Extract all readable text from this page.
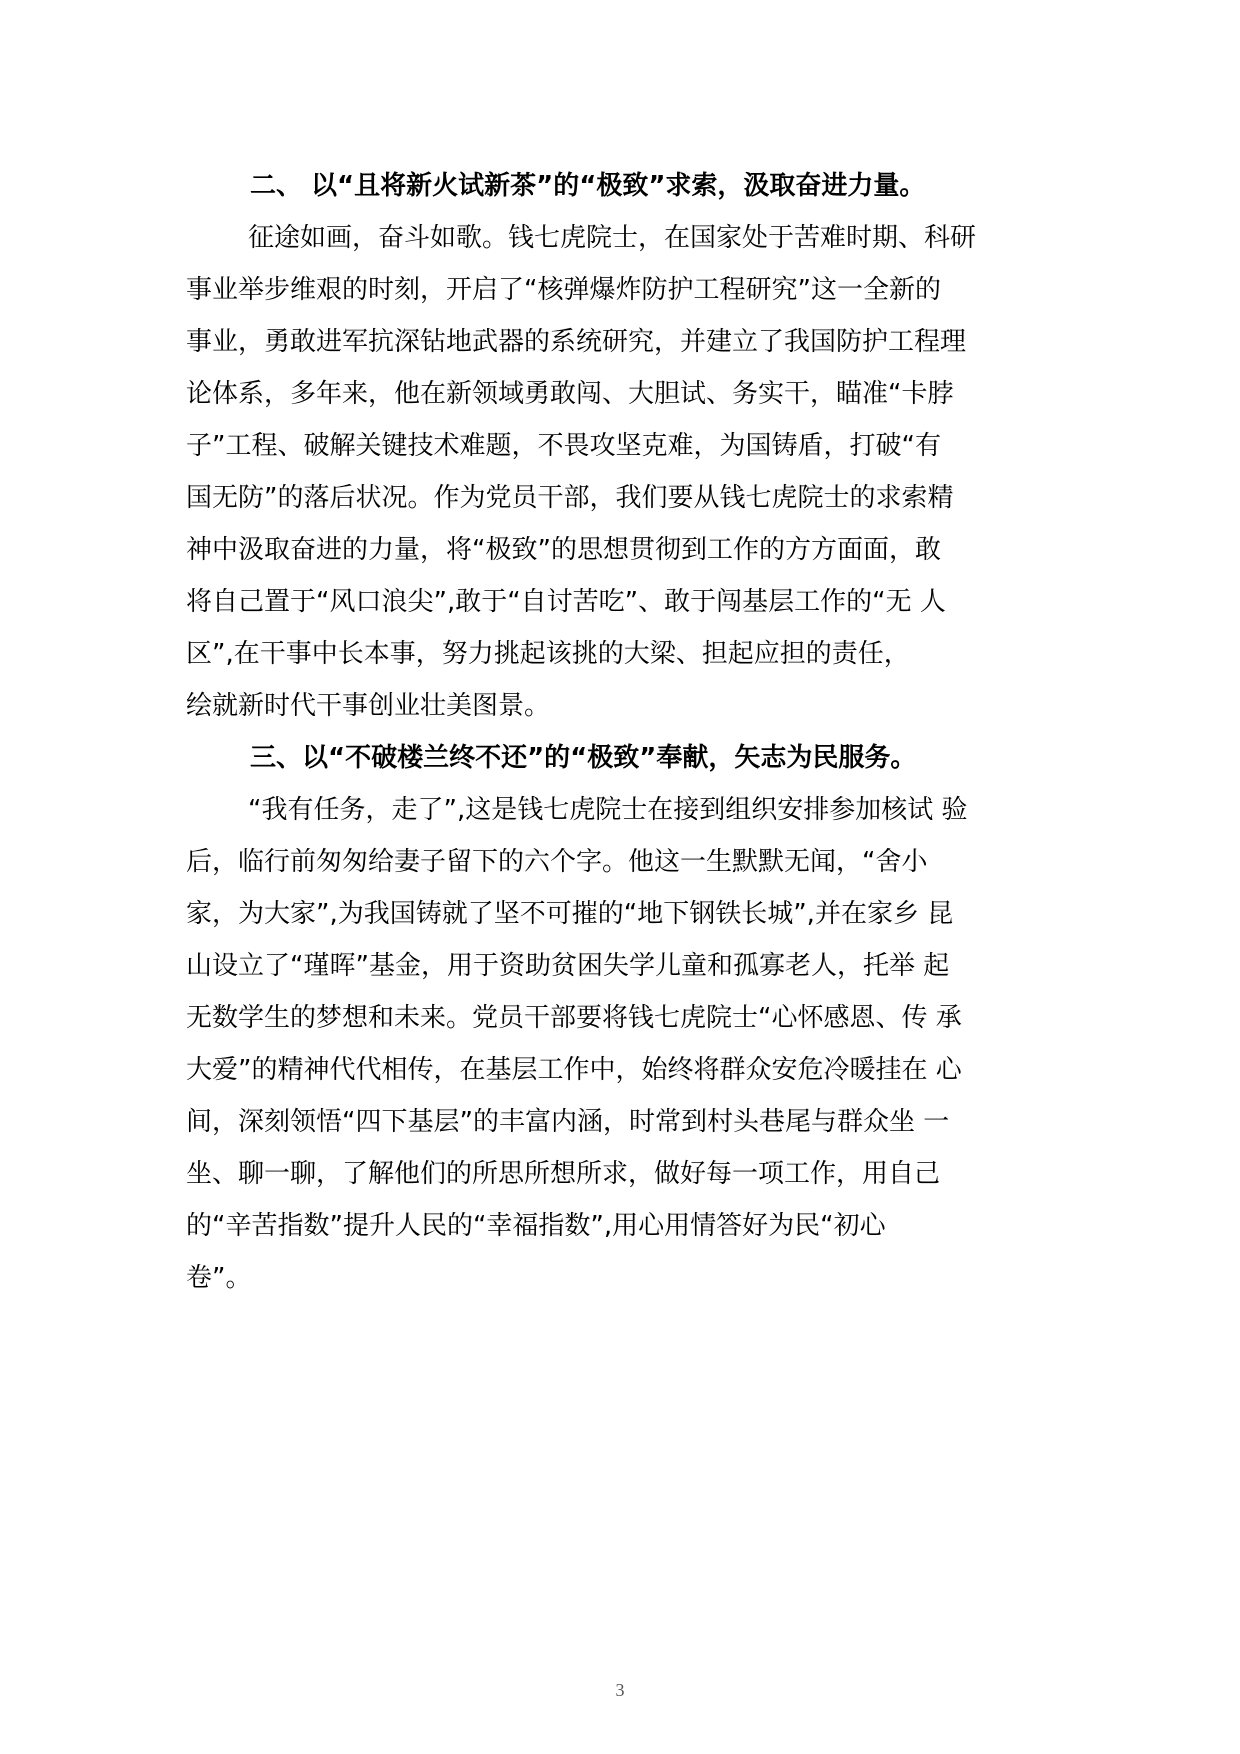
二、 以“且将新火试新茶”的“极致”求索，汲取奋进力量。
征途如画，奋斗如歌。钱七虎院士，在国家处于苦难时期、科研
事业举步维艰的时刻，开启了“核弹爆炸防护工程研究”这一全新的
事业，勇敢进军抗深钻地武器的系统研究，并建立了我国防护工程理
论体系，多年来，他在新领域勇敢闯、大胆试、务实干，瞄准“卡脖
子”工程、破解关键技术难题，不畏攻坚克难，为国铸盾，打破“有
国无防”的落后状况。作为党员干部，我们要从钱七虎院士的求索精
神中汲取奋进的力量，将“极致”的思想贯彻到工作的方方面面，敢
将自己置于“风口浪尖”,敢于“自讨苦吃”、敢于闯基层工作的“无 人
区”,在干事中长本事，努力挑起该挑的大梁、担起应担的责任，
绘就新时代干事创业壮美图景。
三、以“不破楼兰终不还”的“极致”奉献，矢志为民服务。
“我有任务，走了”,这是钱七虎院士在接到组织安排参加核试 验
后，临行前匆匆给妻子留下的六个字。他这一生默默无闻，“舍小
家，为大家”,为我国铸就了坚不可摧的“地下钢铁长城”,并在家乡 昆
山设立了“瑾晖”基金，用于资助贫困失学儿童和孤寡老人，托举 起
无数学生的梦想和未来。党员干部要将钱七虎院士“心怀感恩、传 承
大爱”的精神代代相传，在基层工作中，始终将群众安危冷暖挂在 心
间，深刻领悟“四下基层”的丰富内涵，时常到村头巷尾与群众坐 一
坐、聊一聊，了解他们的所思所想所求，做好每一项工作，用自己
的“辛苦指数”提升人民的“幸福指数”,用心用情答好为民“初心
卷”。
3
